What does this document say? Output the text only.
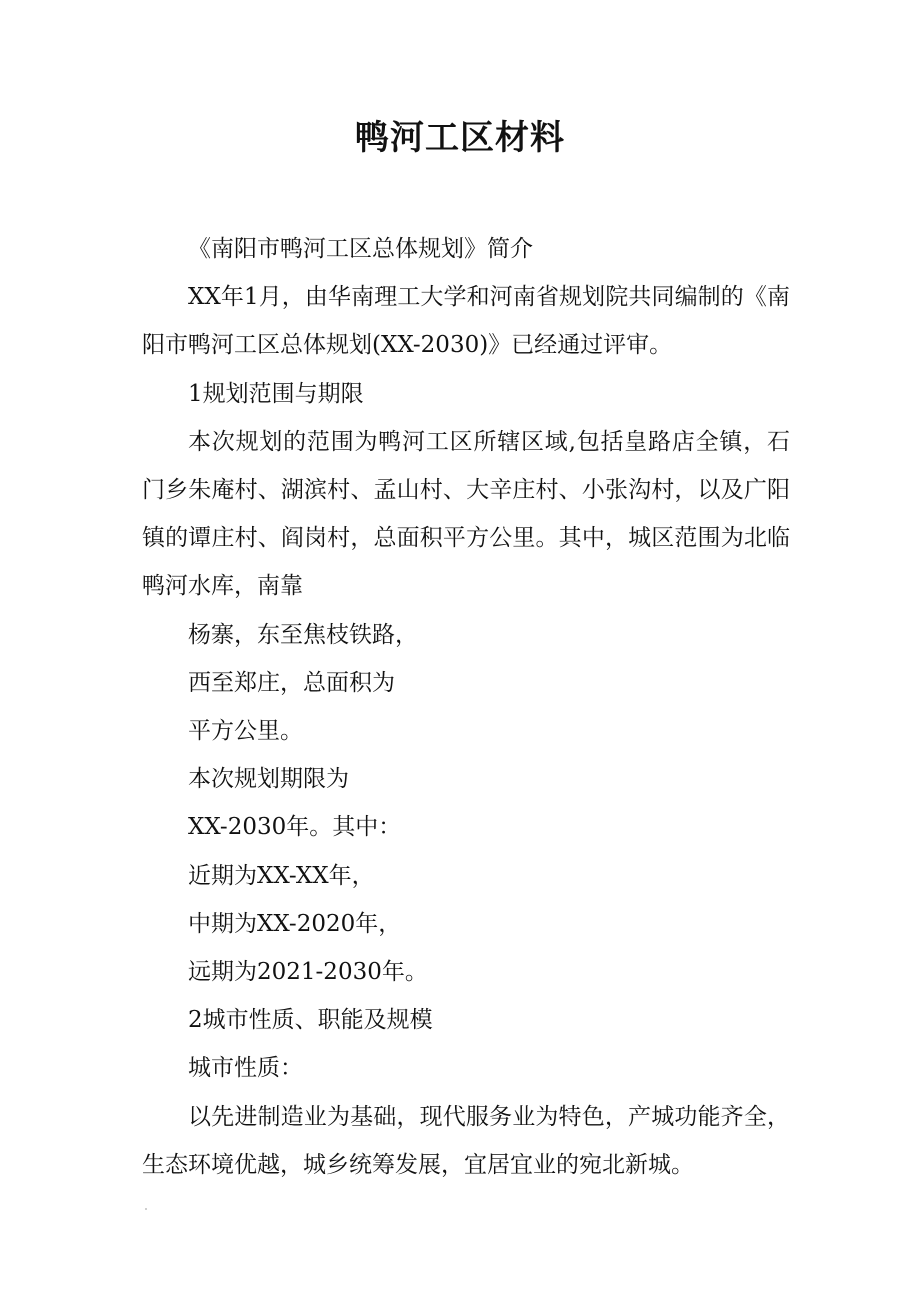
鸭河工区材料

《南阳市鸭河工区总体规划》简介

XX年1月，由华南理工大学和河南省规划院共同编制的《南阳市鸭河工区总体规划(XX-2030)》已经通过评审。

1规划范围与期限

本次规划的范围为鸭河工区所辖区域,包括皇路店全镇，石门乡朱庵村、湖滨村、孟山村、大辛庄村、小张沟村，以及广阳镇的谭庄村、阎岗村，总面积平方公里。其中，城区范围为北临鸭河水库，南靠

杨寨，东至焦枝铁路，

西至郑庄，总面积为

平方公里。

本次规划期限为

XX-2030年。其中：

近期为XX-XX年，

中期为XX-2020年，

远期为2021-2030年。

2城市性质、职能及规模

城市性质：

以先进制造业为基础，现代服务业为特色，产城功能齐全，生态环境优越，城乡统筹发展，宜居宜业的宛北新城。
